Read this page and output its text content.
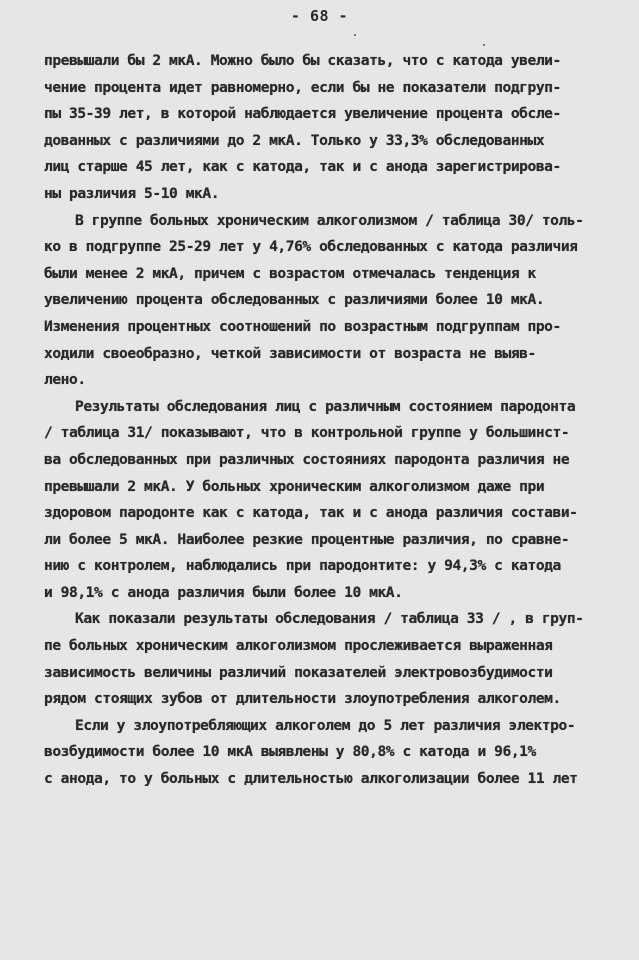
- 68 -
превышали бы 2 мкА. Можно было бы сказать, что с катода увели-
чение процента идет равномерно, если бы не показатели подгруп-
пы 35-39 лет, в которой наблюдается увеличение процента обсле-
дованных с различиями до 2 мкА. Только у 33,3% обследованных
лиц старше 45 лет, как с катода, так и с анода зарегистрирова-
ны различия 5-10 мкА.
В группе больных хроническим алкоголизмом / таблица 30/ толь-
ко в подгруппе 25-29 лет у 4,76% обследованных с катода различия
были менее 2 мкА, причем с возрастом отмечалась тенденция к
увеличению процента обследованных с различиями более 10 мкА.
Изменения процентных соотношений по возрастным подгруппам про-
ходили своеобразно, четкой зависимости от возраста не выяв-
лено.
Результаты обследования лиц с различным состоянием пародонта
/ таблица 31/ показывают, что в контрольной группе у большинст-
ва обследованных при различных состояниях пародонта различия не
превышали 2 мкА. У больных хроническим алкоголизмом даже при
здоровом пародонте как с катода, так и с анода различия состави-
ли более 5 мкА. Наиболее резкие процентные различия, по сравне-
нию с контролем, наблюдались при пародонтите: у 94,3% с катода
и 98,1% с анода различия были более 10 мкА.
Как показали результаты обследования / таблица 33 / , в груп-
пе больных хроническим алкоголизмом прослеживается выраженная
зависимость величины различий показателей электровозбудимости
рядом стоящих зубов от длительности злоупотребления алкоголем.
Если у злоупотребляющих алкоголем до 5 лет различия электро-
возбудимости более 10 мкА выявлены у 80,8% с катода и 96,1%
с анода, то у больных с длительностью алкоголизации более 11 лет
